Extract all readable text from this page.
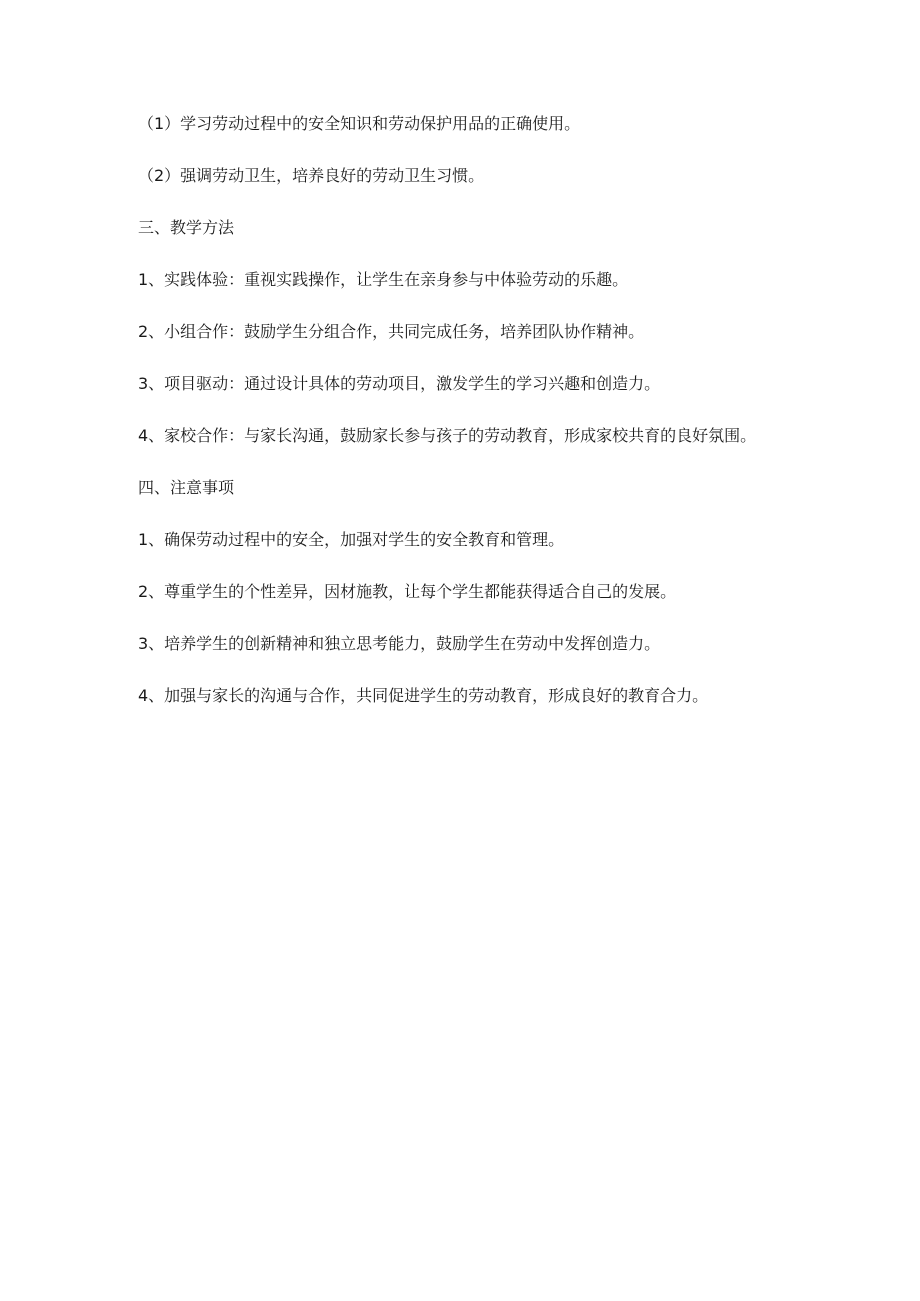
（1）学习劳动过程中的安全知识和劳动保护用品的正确使用。

（2）强调劳动卫生，培养良好的劳动卫生习惯。

三、教学方法

1、实践体验：重视实践操作，让学生在亲身参与中体验劳动的乐趣。

2、小组合作：鼓励学生分组合作，共同完成任务，培养团队协作精神。

3、项目驱动：通过设计具体的劳动项目，激发学生的学习兴趣和创造力。

4、家校合作：与家长沟通，鼓励家长参与孩子的劳动教育，形成家校共育的良好氛围。

四、注意事项

1、确保劳动过程中的安全，加强对学生的安全教育和管理。

2、尊重学生的个性差异，因材施教，让每个学生都能获得适合自己的发展。

3、培养学生的创新精神和独立思考能力，鼓励学生在劳动中发挥创造力。

4、加强与家长的沟通与合作，共同促进学生的劳动教育，形成良好的教育合力。
